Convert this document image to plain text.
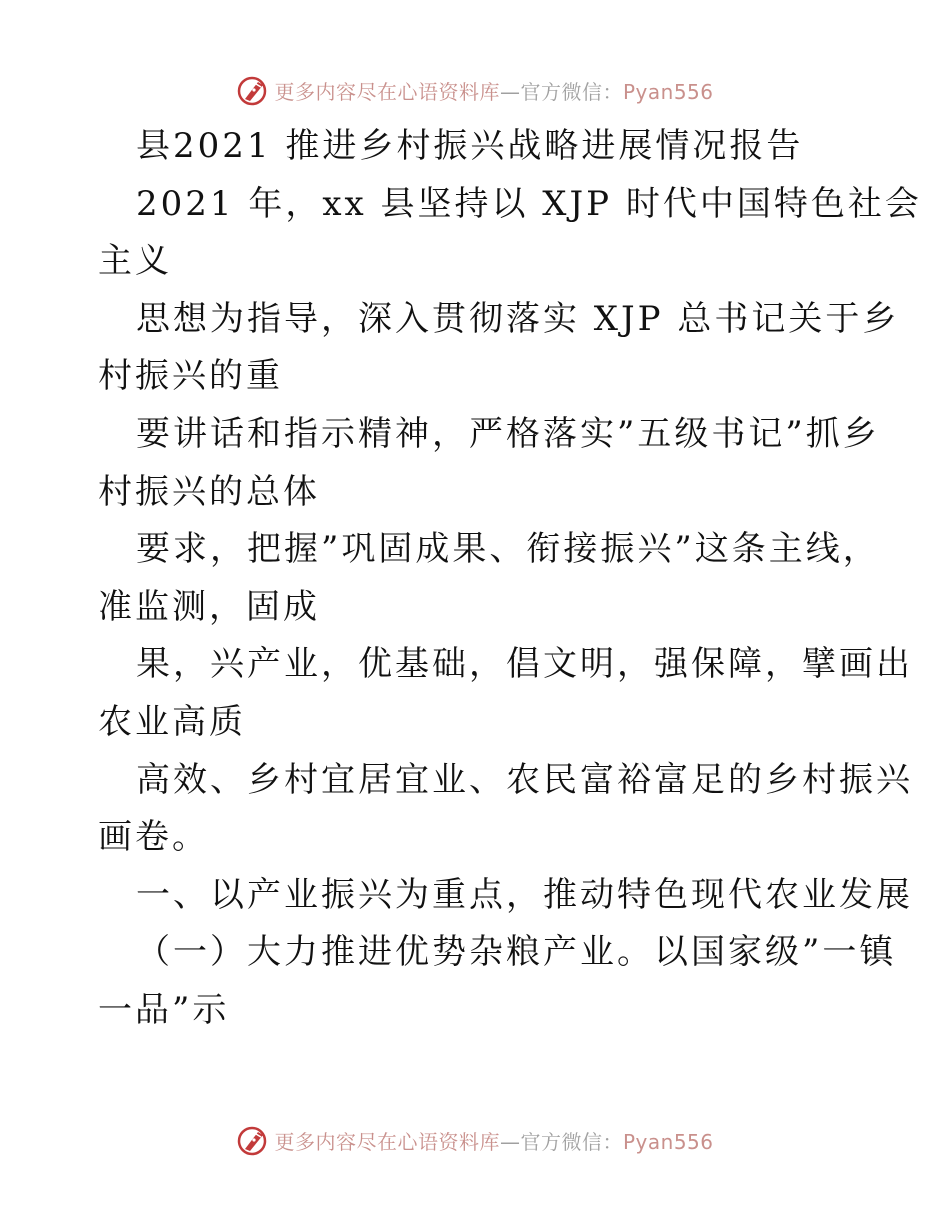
更多内容尽在心语资料库—官方微信：Pyan556
县2021 推进乡村振兴战略进展情况报告
2021 年，xx 县坚持以 XJP 时代中国特色社会
主义
思想为指导，深入贯彻落实 XJP 总书记关于乡
村振兴的重
要讲话和指示精神，严格落实”五级书记”抓乡
村振兴的总体
要求，把握”巩固成果、衔接振兴”这条主线，
准监测，固成
果，兴产业，优基础，倡文明，强保障，擘画出
农业高质
高效、乡村宜居宜业、农民富裕富足的乡村振兴
画卷。
一、以产业振兴为重点，推动特色现代农业发展
（一）大力推进优势杂粮产业。以国家级”一镇
一品”示
更多内容尽在心语资料库—官方微信：Pyan556
